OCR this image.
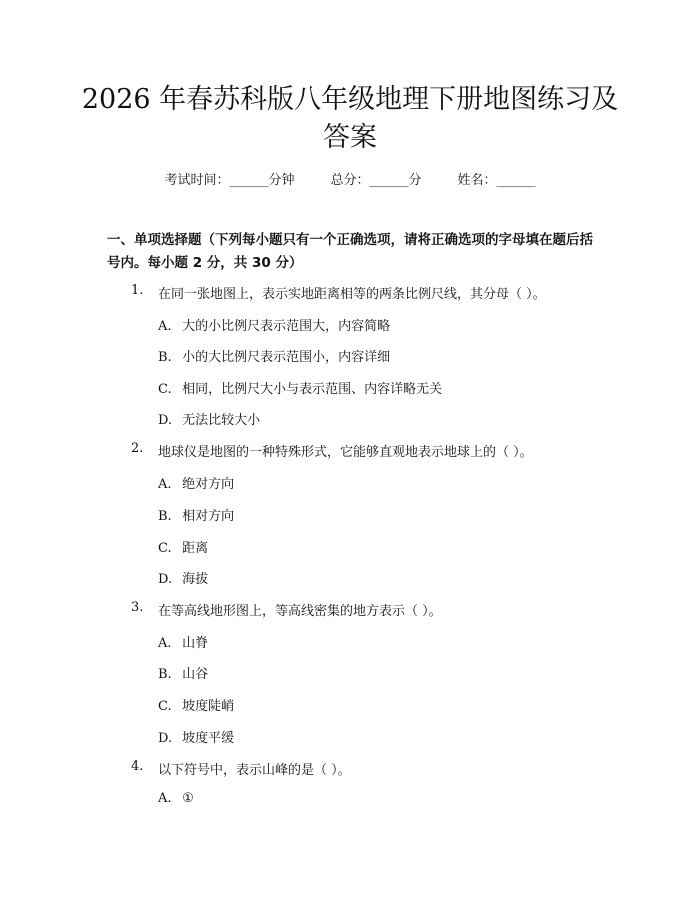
2026 年春苏科版八年级地理下册地图练习及
答案
考试时间：______分钟	总分：______分	姓名：______
一、单项选择题（下列每小题只有一个正确选项，请将正确选项的字母填在题后括号内。每小题 2 分，共 30 分）
1. 在同一张地图上，表示实地距离相等的两条比例尺线，其分母（ ）。
A. 大的小比例尺表示范围大，内容简略
B. 小的大比例尺表示范围小，内容详细
C. 相同，比例尺大小与表示范围、内容详略无关
D. 无法比较大小
2. 地球仪是地图的一种特殊形式，它能够直观地表示地球上的（ ）。
A. 绝对方向
B. 相对方向
C. 距离
D. 海拔
3. 在等高线地形图上，等高线密集的地方表示（ ）。
A. 山脊
B. 山谷
C. 坡度陡峭
D. 坡度平缓
4. 以下符号中，表示山峰的是（ ）。
A. ①
